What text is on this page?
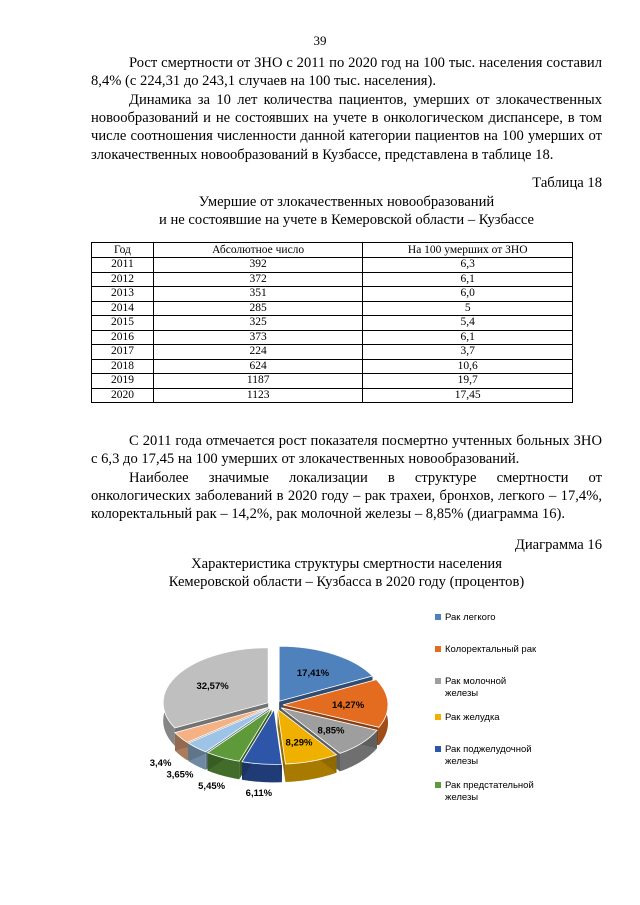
39

Рост смертности от ЗНО с 2011 по 2020 год на 100 тыс. населения составил 8,4% (с 224,31 до 243,1 случаев на 100 тыс. населения).

Динамика за 10 лет количества пациентов, умерших от злокачественных новообразований и не состоявших на учете в онкологическом диспансере, в том числе соотношения численности данной категории пациентов на 100 умерших от злокачественных новообразований в Кузбассе, представлена в таблице 18.

Таблица 18
Умершие от злокачественных новообразований
и не состоявшие на учете в Кемеровской области – Кузбассе
Год	Абсолютное число	На 100 умерших от ЗНО
2011	392	6,3
2012	372	6,1
2013	351	6,0
2014	285	5
2015	325	5,4
2016	373	6,1
2017	224	3,7
2018	624	10,6
2019	1187	19,7
2020	1123	17,45

С 2011 года отмечается рост показателя посмертно учтенных больных ЗНО с 6,3 до 17,45 на 100 умерших от злокачественных новообразований.

Наиболее значимые локализации в структуре смертности от онкологических заболеваний в 2020 году – рак трахеи, бронхов, легкого – 17,4%, колоректальный рак – 14,2%, рак молочной железы – 8,85% (диаграмма 16).

Диаграмма 16
Характеристика структуры смертности населения
Кемеровской области – Кузбасса в 2020 году (процентов)
17,41%
14,27%
8,85%
8,29%
6,11%
5,45%
3,65%
3,4%
32,57%
Рак легкого
Колоректальный рак
Рак молочной железы
Рак желудка
Рак поджелудочной железы
Рак предстательной железы
